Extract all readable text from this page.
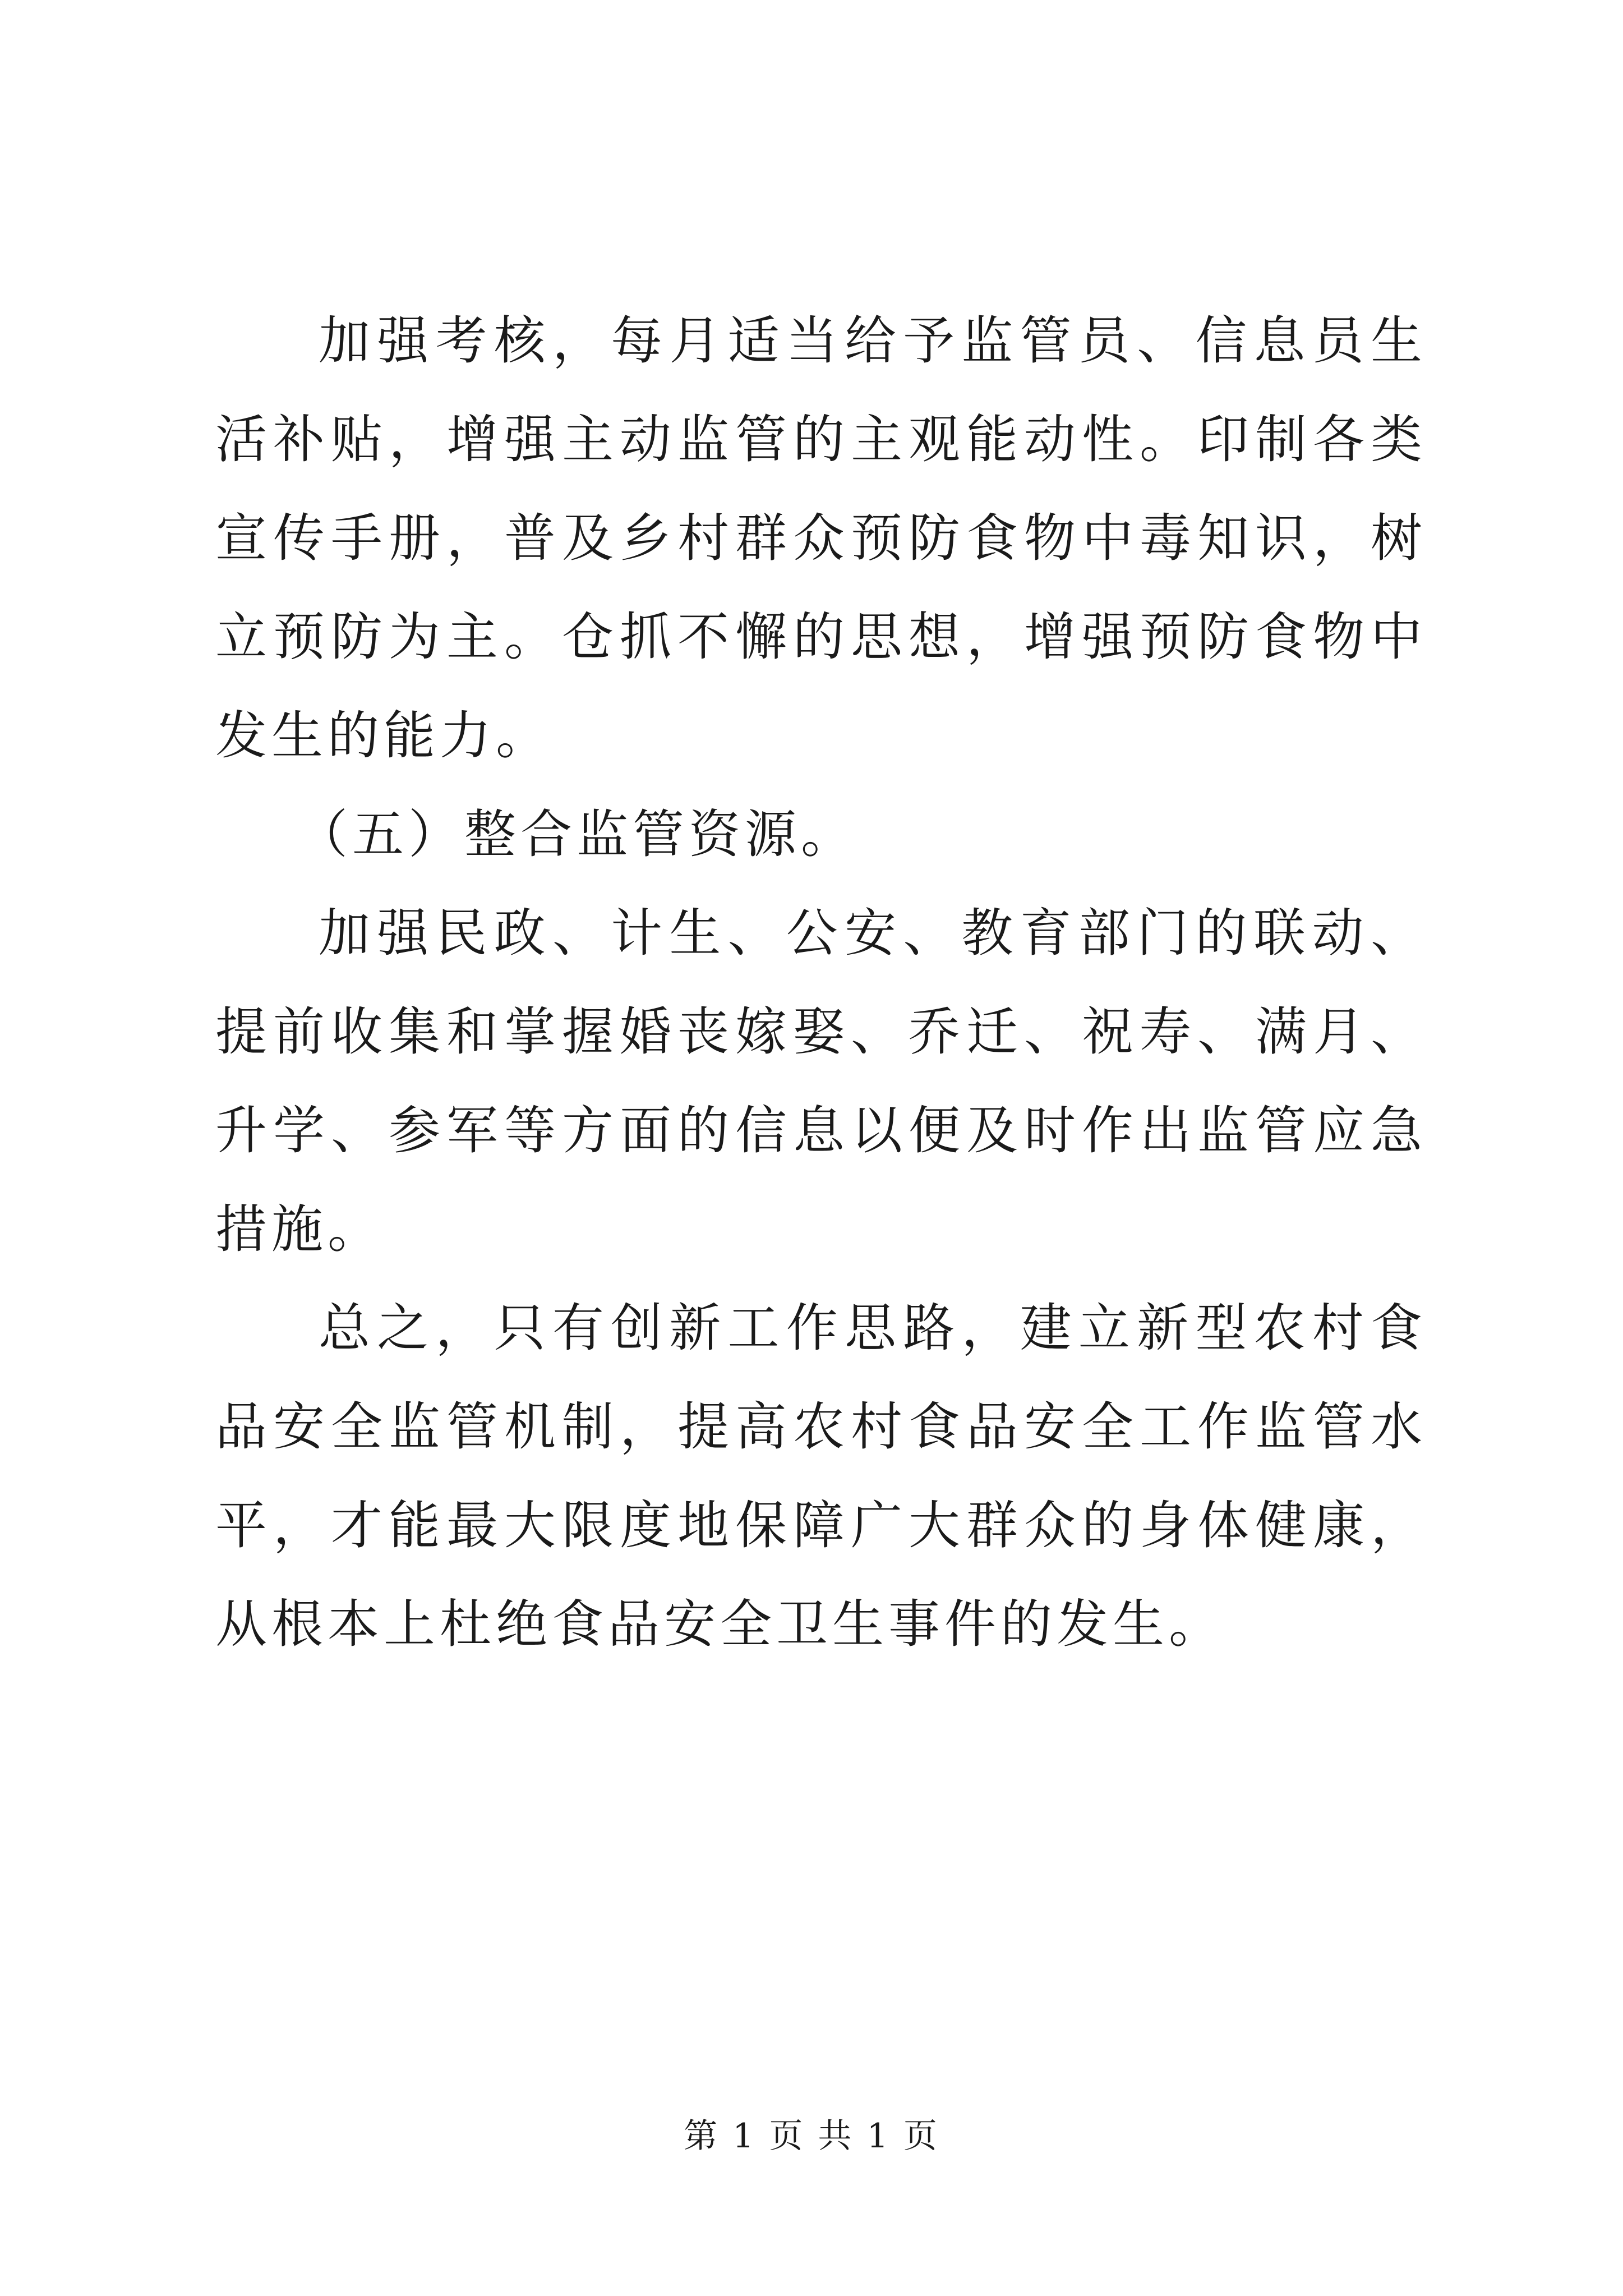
加强考核，每月适当给予监管员、信息员生活补贴，增强主动监管的主观能动性。印制各类宣传手册，普及乡村群众预防食物中毒知识，树立预防为主。仓抓不懈的思想，增强预防食物中发生的能力。

（五）整合监管资源。

加强民政、计生、公安、教育部门的联动、提前收集和掌握婚丧嫁娶、乔迁、祝寿、满月、升学、参军等方面的信息以便及时作出监管应急措施。

总之，只有创新工作思路，建立新型农村食品安全监管机制，提高农村食品安全工作监管水平，才能最大限度地保障广大群众的身体健康，从根本上杜绝食品安全卫生事件的发生。

第 1 页 共 1 页
